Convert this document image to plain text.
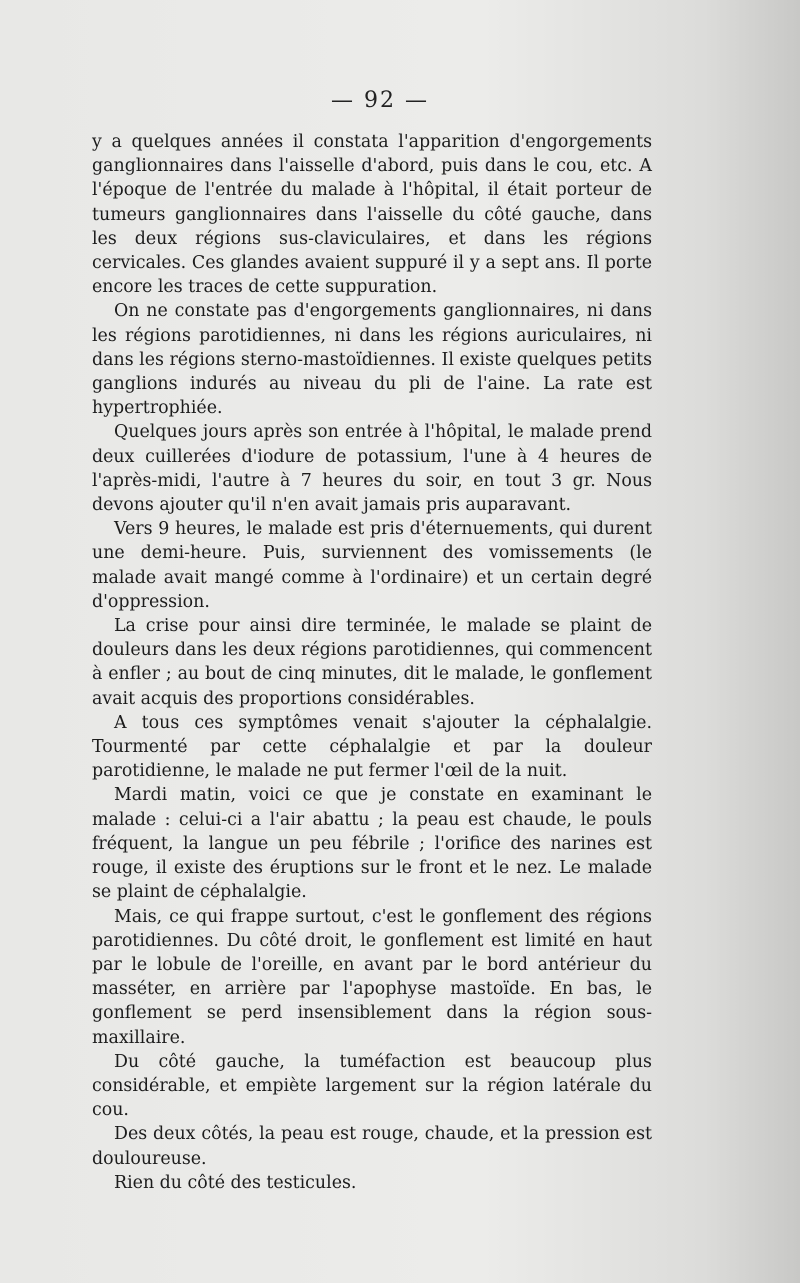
— 92 —

y a quelques années il constata l'apparition d'engorgements ganglionnaires dans l'aisselle d'abord, puis dans le cou, etc. A l'époque de l'entrée du malade à l'hôpital, il était porteur de tumeurs ganglionnaires dans l'aisselle du côté gauche, dans les deux régions sus-claviculaires, et dans les régions cervicales. Ces glandes avaient suppuré il y a sept ans. Il porte encore les traces de cette suppuration.

On ne constate pas d'engorgements ganglionnaires, ni dans les régions parotidiennes, ni dans les régions auriculaires, ni dans les régions sterno-mastoïdiennes. Il existe quelques petits ganglions indurés au niveau du pli de l'aine. La rate est hypertrophiée.

Quelques jours après son entrée à l'hôpital, le malade prend deux cuillerées d'iodure de potassium, l'une à 4 heures de l'après-midi, l'autre à 7 heures du soir, en tout 3 gr. Nous devons ajouter qu'il n'en avait jamais pris auparavant.

Vers 9 heures, le malade est pris d'éternuements, qui durent une demi-heure. Puis, surviennent des vomissements (le malade avait mangé comme à l'ordinaire) et un certain degré d'oppression.

La crise pour ainsi dire terminée, le malade se plaint de douleurs dans les deux régions parotidiennes, qui commencent à enfler ; au bout de cinq minutes, dit le malade, le gonflement avait acquis des proportions considérables.

A tous ces symptômes venait s'ajouter la céphalalgie. Tourmenté par cette céphalalgie et par la douleur parotidienne, le malade ne put fermer l'œil de la nuit.

Mardi matin, voici ce que je constate en examinant le malade : celui-ci a l'air abattu ; la peau est chaude, le pouls fréquent, la langue un peu fébrile ; l'orifice des narines est rouge, il existe des éruptions sur le front et le nez. Le malade se plaint de céphalalgie.

Mais, ce qui frappe surtout, c'est le gonflement des régions parotidiennes. Du côté droit, le gonflement est limité en haut par le lobule de l'oreille, en avant par le bord antérieur du masséter, en arrière par l'apophyse mastoïde. En bas, le gonflement se perd insensiblement dans la région sous-maxillaire.

Du côté gauche, la tuméfaction est beaucoup plus considérable, et empiète largement sur la région latérale du cou.

Des deux côtés, la peau est rouge, chaude, et la pression est douloureuse.

Rien du côté des testicules.
